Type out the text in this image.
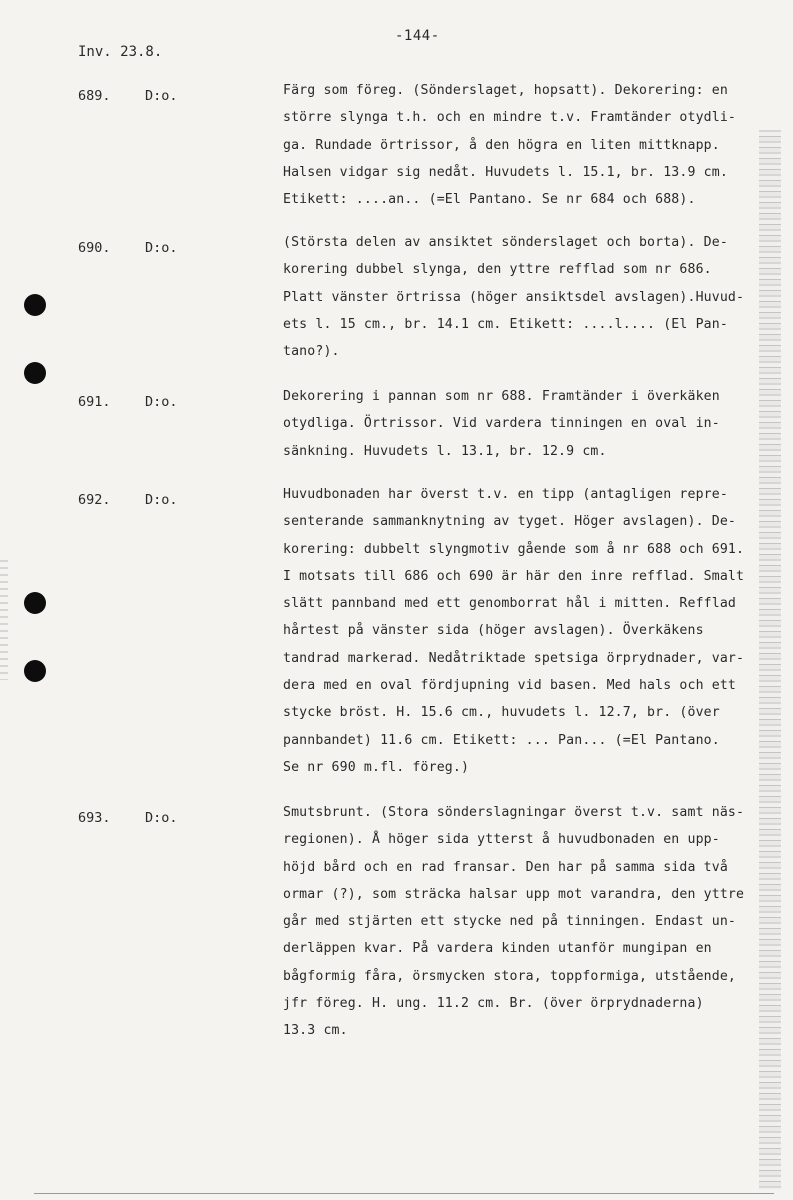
-144-
Inv. 23.8.
689.	D:o.	Färg som föreg. (Sönderslaget, hopsatt). Dekorering: en
större slynga t.h. och en mindre t.v. Framtänder otydli-
ga. Rundade örtrissor, å den högra en liten mittknapp.
Halsen vidgar sig nedåt. Huvudets l. 15.1, br. 13.9 cm.
Etikett: ....an.. (=El Pantano. Se nr 684 och 688).
690.	D:o.	(Största delen av ansiktet sönderslaget och borta). De-
korering dubbel slynga, den yttre refflad som nr 686.
Platt vänster örtrissa (höger ansiktsdel avslagen).Huvud-
ets l. 15 cm., br. 14.1 cm. Etikett: ....l.... (El Pan-
tano?).
691.	D:o.	Dekorering i pannan som nr 688. Framtänder i överkäken
otydliga. Örtrissor. Vid vardera tinningen en oval in-
sänkning. Huvudets l. 13.1, br. 12.9 cm.
692.	D:o.	Huvudbonaden har överst t.v. en tipp (antagligen repre-
senterande sammanknytning av tyget. Höger avslagen). De-
korering: dubbelt slyngmotiv gående som å nr 688 och 691.
I motsats till 686 och 690 är här den inre refflad. Smalt
slätt pannband med ett genomborrat hål i mitten. Refflad
hårtest på vänster sida (höger avslagen). Överkäkens
tandrad markerad. Nedåtriktade spetsiga örprydnader, var-
dera med en oval fördjupning vid basen. Med hals och ett
stycke bröst. H. 15.6 cm., huvudets l. 12.7, br. (över
pannbandet) 11.6 cm. Etikett: ... Pan... (=El Pantano.
Se nr 690 m.fl. föreg.)
693.	D:o.	Smutsbrunt. (Stora sönderslagningar överst t.v. samt näs-
regionen). Å höger sida ytterst å huvudbonaden en upp-
höjd bård och en rad fransar. Den har på samma sida två
ormar (?), som sträcka halsar upp mot varandra, den yttre
går med stjärten ett stycke ned på tinningen. Endast un-
derläppen kvar. På vardera kinden utanför mungipan en
bågformig fåra, örsmycken stora, toppformiga, utstående,
jfr föreg. H. ung. 11.2 cm. Br. (över örprydnaderna)
13.3 cm.
